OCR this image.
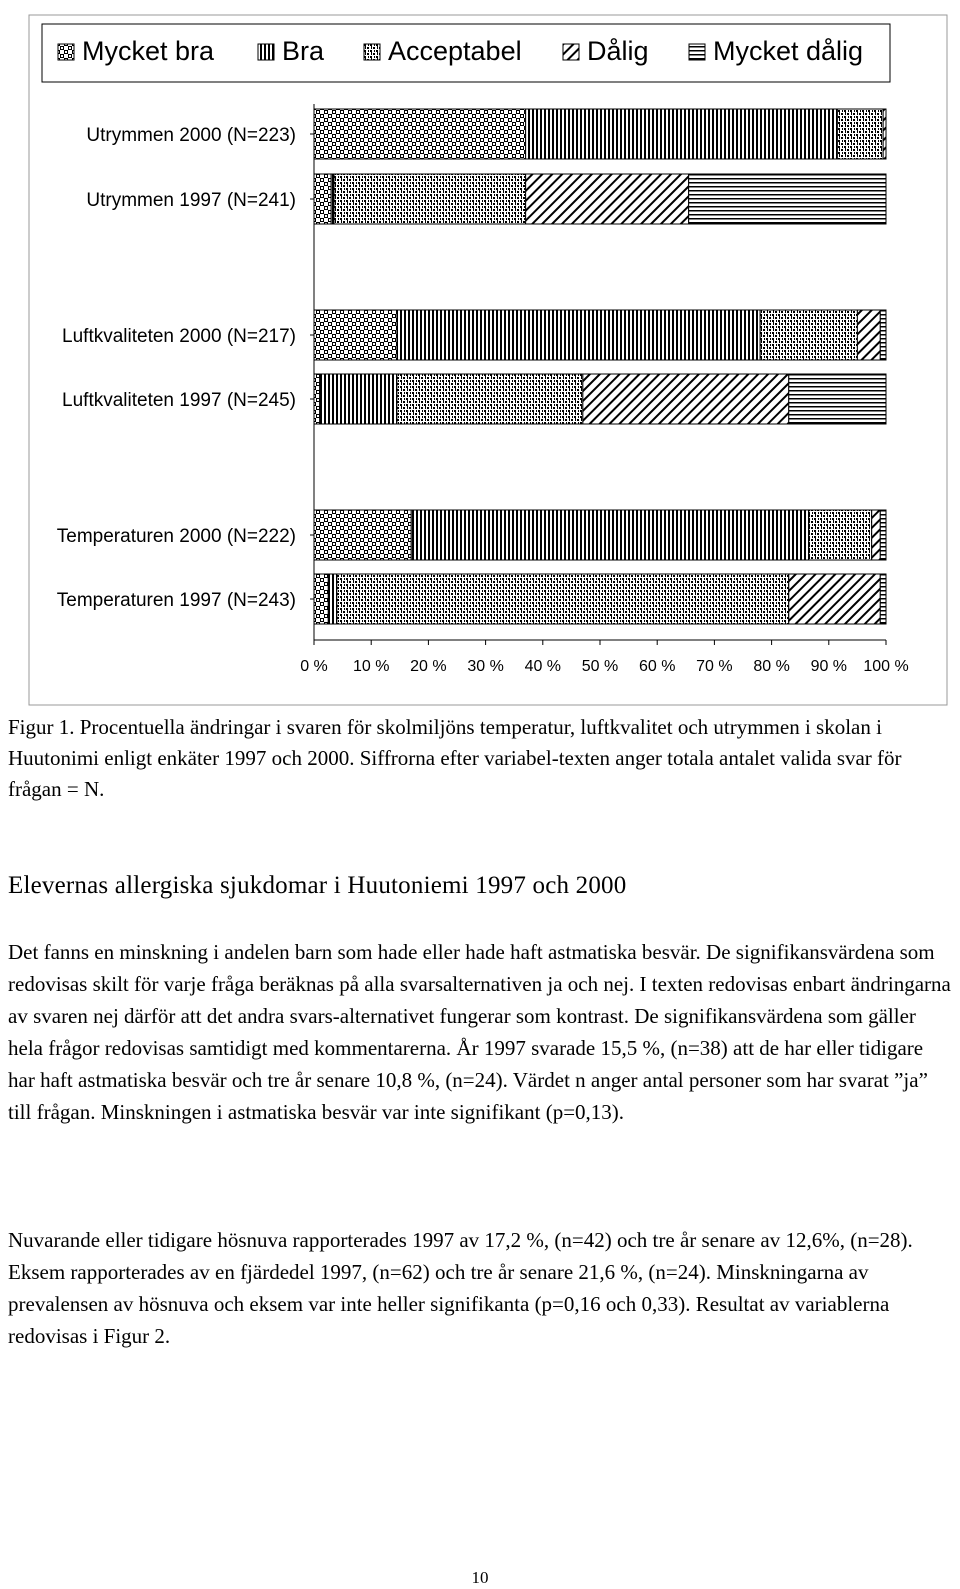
Mycket bra	Bra Acceptabel Dålig Mycket dålig
Utrymmen 2000 (N=223)
Utrymmen 1997 (N=241)
Luftkvaliteten 2000 (N=217)
Luftkvaliteten 1997 (N=245)
Temperaturen 2000 (N=222)
Temperaturen 1997 (N=243)
0 % 10 % 20 % 30 % 40 % 50 % 60 % 70 % 80 % 90 % 100 %
Figur 1. Procentuella ändringar i svaren för skolmiljöns temperatur, luftkvalitet och utrymmen i skolan i Huutonimi enligt enkäter 1997 och 2000. Siffrorna efter variabel-texten anger totala antalet valida svar för frågan = N.
Elevernas allergiska sjukdomar i Huutoniemi 1997 och 2000

Det fanns en minskning i andelen barn som hade eller hade haft astmatiska besvär. De signifikansvärdena som redovisas skilt för varje fråga beräknas på alla svarsalternativen ja och nej. I texten redovisas enbart ändringarna av svaren nej därför att det andra svars-alternativet fungerar som kontrast. De signifikansvärdena som gäller hela frågor redovisas samtidigt med kommentarerna. År 1997 svarade 15,5 %, (n=38) att de har eller tidigare har haft astmatiska besvär och tre år senare 10,8 %, (n=24). Värdet n anger antal personer som har svarat ”ja” till frågan. Minskningen i astmatiska besvär var inte signifikant (p=0,13).

Nuvarande eller tidigare hösnuva rapporterades 1997 av 17,2 %, (n=42) och tre år senare av 12,6%, (n=28). Eksem rapporterades av en fjärdedel 1997, (n=62) och tre år senare 21,6 %, (n=24). Minskningarna av prevalensen av hösnuva och eksem var inte heller signifikanta (p=0,16 och 0,33). Resultat av variablerna redovisas i Figur 2.

10
